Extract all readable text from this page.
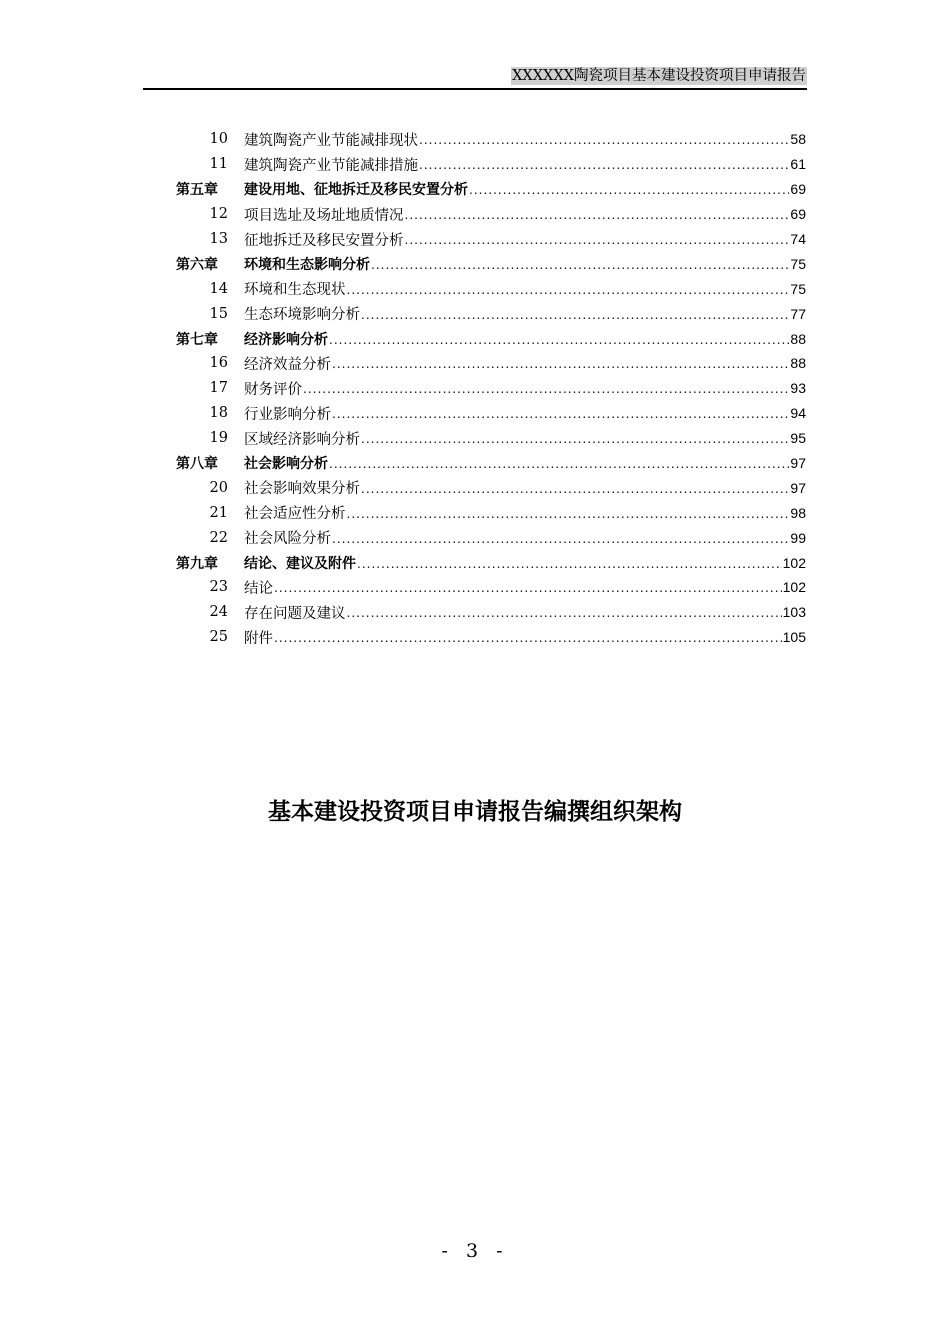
XXXXXX陶瓷项目基本建设投资项目申请报告
10	建筑陶瓷产业节能减排现状 .....	58
11	建筑陶瓷产业节能减排措施 .....	61
第五章	建设用地、征地拆迁及移民安置分析 .....	69
12	项目选址及场址地质情况 .....	69
13	征地拆迁及移民安置分析 .....	74
第六章	环境和生态影响分析 .....	75
14	环境和生态现状 .....	75
15	生态环境影响分析 .....	77
第七章	经济影响分析 .....	88
16	经济效益分析 .....	88
17	财务评价 .....	93
18	行业影响分析 .....	94
19	区域经济影响分析 .....	95
第八章	社会影响分析 .....	97
20	社会影响效果分析 .....	97
21	社会适应性分析 .....	98
22	社会风险分析 .....	99
第九章	结论、建议及附件 .....	102
23	结论 .....	102
24	存在问题及建议 .....	103
25	附件 .....	105
基本建设投资项目申请报告编撰组织架构
- 3 -
